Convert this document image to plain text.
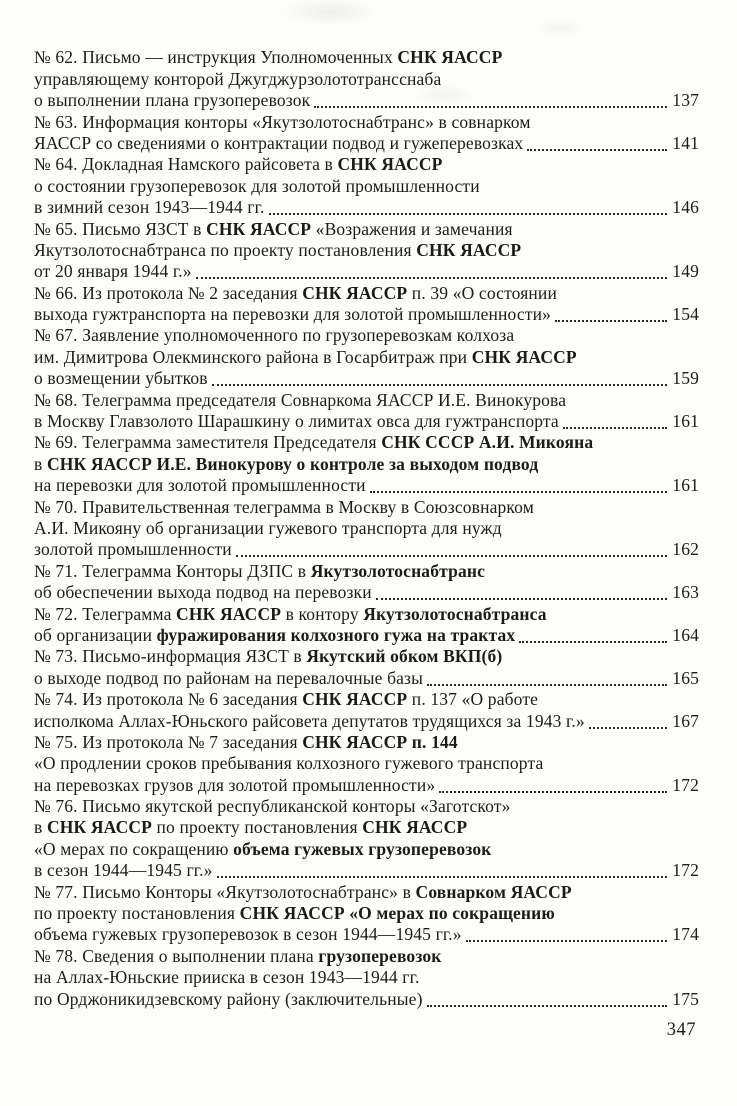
№ 62. Письмо — инструкция Уполномоченных СНК ЯАССР
управляющему конторой Джугджурзолототрансснаба
о выполнении плана грузоперевозок	137
№ 63. Информация конторы «Якутзолотоснабтранс» в совнарком
ЯАССР со сведениями о контрактации подвод и гужеперевозках	141
№ 64. Докладная Намского райсовета в СНК ЯАССР
о состоянии грузоперевозок для золотой промышленности
в зимний сезон 1943—1944 гг.	146
№ 65. Письмо ЯЗСТ в СНК ЯАССР «Возражения и замечания
Якутзолотоснабтранса по проекту постановления СНК ЯАССР
от 20 января 1944 г.»	149
№ 66. Из протокола № 2 заседания СНК ЯАССР п. 39 «О состоянии
выхода гужтранспорта на перевозки для золотой промышленности»	154
№ 67. Заявление уполномоченного по грузоперевозкам колхоза
им. Димитрова Олекминского района в Госарбитраж при СНК ЯАССР
о возмещении убытков	159
№ 68. Телеграмма председателя Совнаркома ЯАССР И.Е. Винокурова
в Москву Главзолото Шарашкину о лимитах овса для гужтранспорта	161
№ 69. Телеграмма заместителя Председателя СНК СССР А.И. Микояна
в СНК ЯАССР И.Е. Винокурову о контроле за выходом подвод
на перевозки для золотой промышленности	161
№ 70. Правительственная телеграмма в Москву в Союзсовнарком
А.И. Микояну об организации гужевого транспорта для нужд
золотой промышленности	162
№ 71. Телеграмма Конторы ДЗПС в Якутзолотоснабтранс
об обеспечении выхода подвод на перевозки	163
№ 72. Телеграмма СНК ЯАССР в контору Якутзолотоснабтранса
об организации фуражирования колхозного гужа на трактах	164
№ 73. Письмо-информация ЯЗСТ в Якутский обком ВКП(б)
о выходе подвод по районам на перевалочные базы	165
№ 74. Из протокола № 6 заседания СНК ЯАССР п. 137 «О работе
исполкома Аллах-Юньского райсовета депутатов трудящихся за 1943 г.»	167
№ 75. Из протокола № 7 заседания СНК ЯАССР п. 144
«О продлении сроков пребывания колхозного гужевого транспорта
на перевозках грузов для золотой промышленности»	172
№ 76. Письмо якутской республиканской конторы «Заготскот»
в СНК ЯАССР по проекту постановления СНК ЯАССР
«О мерах по сокращению объема гужевых грузоперевозок
в сезон 1944—1945 гг.»	172
№ 77. Письмо Конторы «Якутзолотоснабтранс» в Совнарком ЯАССР
по проекту постановления СНК ЯАССР «О мерах по сокращению
объема гужевых грузоперевозок в сезон 1944—1945 гг.»	174
№ 78. Сведения о выполнении плана грузоперевозок
на Аллах-Юньские прииска в сезон 1943—1944 гг.
по Орджоникидзевскому району (заключительные)	175
347
